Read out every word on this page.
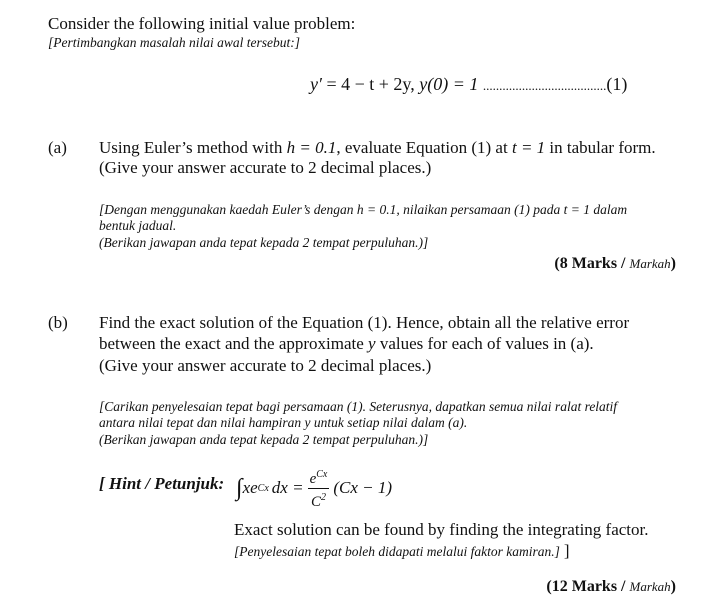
Consider the following initial value problem:
[Pertimbangkan masalah nilai awal tersebut:]
y′ = 4 − t + 2y, y(0) = 1 ......................................(1)
(a) Using Euler’s method with h = 0.1, evaluate Equation (1) at t = 1 in tabular form.
(Give your answer accurate to 2 decimal places.)
[Dengan menggunakan kaedah Euler’s dengan h = 0.1, nilaikan persamaan (1) pada t = 1 dalam
bentuk jadual.
(Berikan jawapan anda tepat kepada 2 tempat perpuluhan.)]
(8 Marks / Markah)
(b) Find the exact solution of the Equation (1). Hence, obtain all the relative error
between the exact and the approximate y values for each of values in (a).
(Give your answer accurate to 2 decimal places.)
[Carikan penyelesaian tepat bagi persamaan (1). Seterusnya, dapatkan semua nilai ralat relatif
antara nilai tepat dan nilai hampiran y untuk setiap nilai dalam (a).
(Berikan jawapan anda tepat kepada 2 tempat perpuluhan.)]
[ Hint / Petunjuk: ∫ xe Cx dx = $\frac{e^{Cx}}{C^2} (Cx - 1)$
Exact solution can be found by finding the integrating factor.
[Penyelesaian tepat boleh didapati melalui faktor kamiran.] ]
(12 Marks / Markah)
